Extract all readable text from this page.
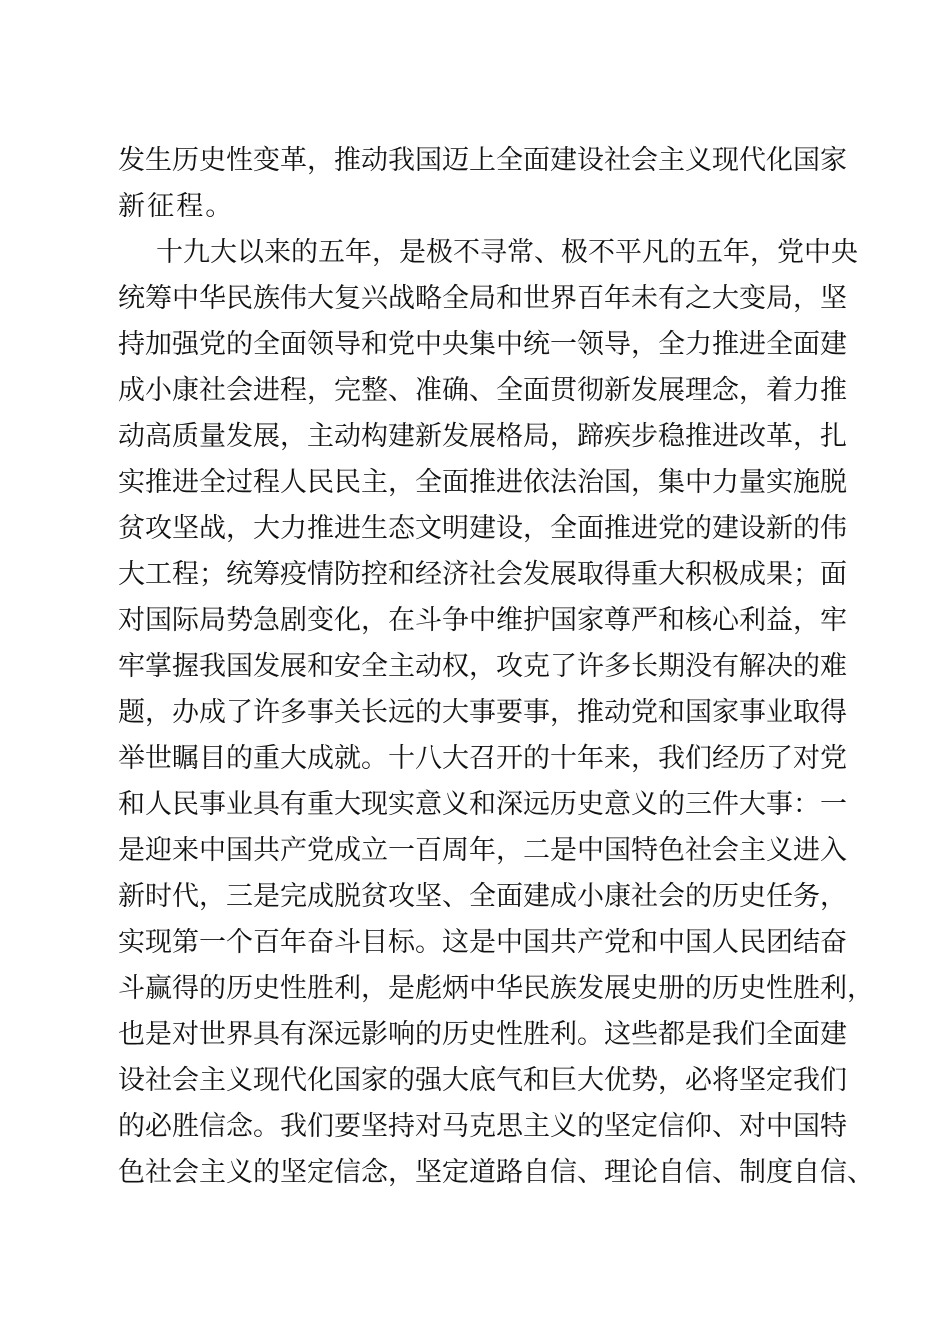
发生历史性变革，推动我国迈上全面建设社会主义现代化国家
新征程。
十九大以来的五年，是极不寻常、极不平凡的五年，党中央
统筹中华民族伟大复兴战略全局和世界百年未有之大变局，坚
持加强党的全面领导和党中央集中统一领导，全力推进全面建
成小康社会进程，完整、准确、全面贯彻新发展理念，着力推
动高质量发展，主动构建新发展格局，蹄疾步稳推进改革，扎
实推进全过程人民民主，全面推进依法治国，集中力量实施脱
贫攻坚战，大力推进生态文明建设，全面推进党的建设新的伟
大工程；统筹疫情防控和经济社会发展取得重大积极成果；面
对国际局势急剧变化，在斗争中维护国家尊严和核心利益，牢
牢掌握我国发展和安全主动权，攻克了许多长期没有解决的难
题，办成了许多事关长远的大事要事，推动党和国家事业取得
举世瞩目的重大成就。十八大召开的十年来，我们经历了对党
和人民事业具有重大现实意义和深远历史意义的三件大事：一
是迎来中国共产党成立一百周年，二是中国特色社会主义进入
新时代，三是完成脱贫攻坚、全面建成小康社会的历史任务，
实现第一个百年奋斗目标。这是中国共产党和中国人民团结奋
斗赢得的历史性胜利，是彪炳中华民族发展史册的历史性胜利，
也是对世界具有深远影响的历史性胜利。这些都是我们全面建
设社会主义现代化国家的强大底气和巨大优势，必将坚定我们
的必胜信念。我们要坚持对马克思主义的坚定信仰、对中国特
色社会主义的坚定信念，坚定道路自信、理论自信、制度自信、
